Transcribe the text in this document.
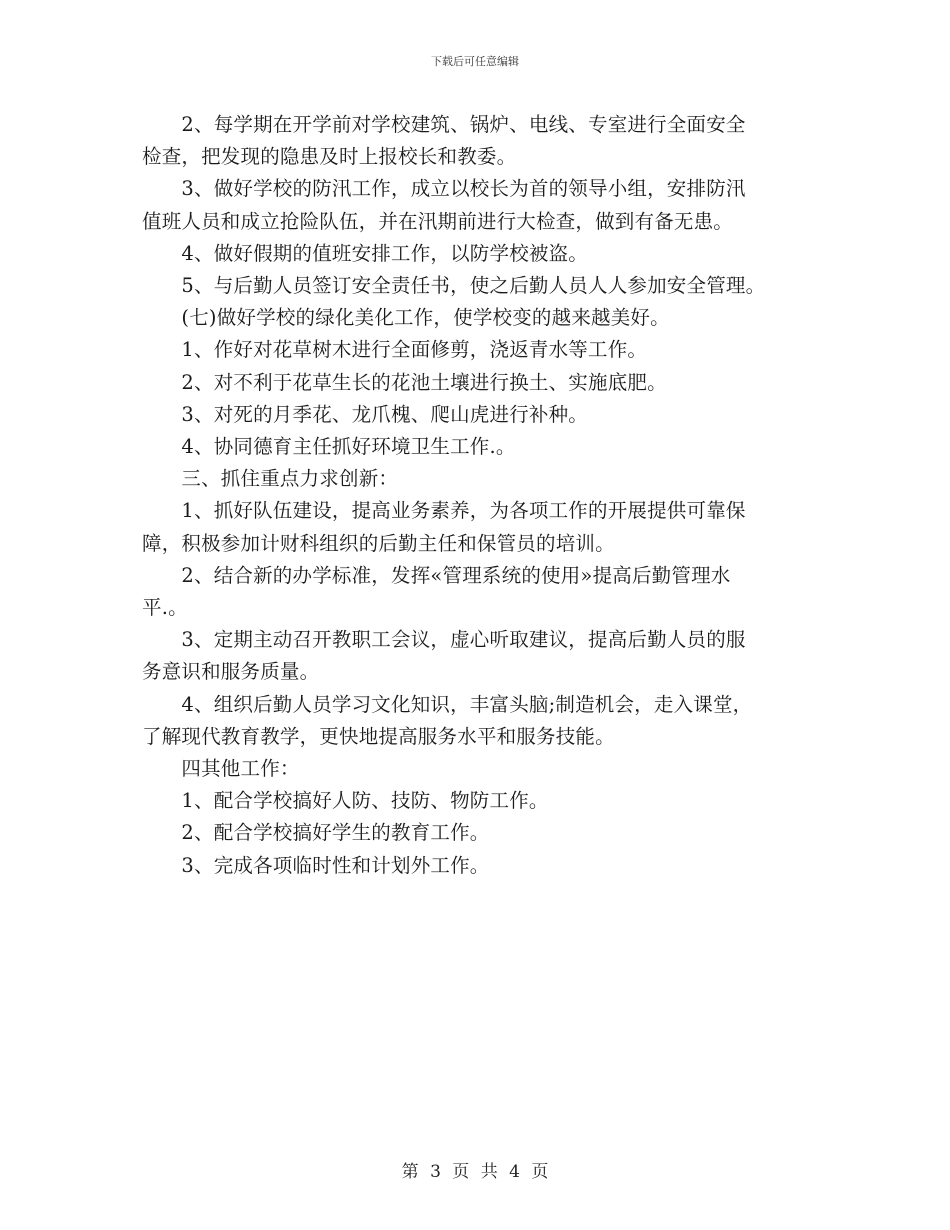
下载后可任意编辑

　　2、每学期在开学前对学校建筑、锅炉、电线、专室进行全面安全

检查，把发现的隐患及时上报校长和教委。

　　3、做好学校的防汛工作，成立以校长为首的领导小组，安排防汛

值班人员和成立抢险队伍，并在汛期前进行大检查，做到有备无患。

　　4、做好假期的值班安排工作，以防学校被盗。

　　5、与后勤人员签订安全责任书，使之后勤人员人人参加安全管理。

　　(七)做好学校的绿化美化工作，使学校变的越来越美好。

　　1、作好对花草树木进行全面修剪，浇返青水等工作。

　　2、对不利于花草生长的花池土壤进行换土、实施底肥。

　　3、对死的月季花、龙爪槐、爬山虎进行补种。

　　4、协同德育主任抓好环境卫生工作.。

　　三、抓住重点力求创新：

　　1、抓好队伍建设，提高业务素养，为各项工作的开展提供可靠保

障，积极参加计财科组织的后勤主任和保管员的培训。

　　2、结合新的办学标准，发挥«管理系统的使用»提高后勤管理水

平.。

　　3、定期主动召开教职工会议，虚心听取建议，提高后勤人员的服

务意识和服务质量。

　　4、组织后勤人员学习文化知识，丰富头脑;制造机会，走入课堂，

了解现代教育教学，更快地提高服务水平和服务技能。

　　四其他工作：

　　1、配合学校搞好人防、技防、物防工作。

　　2、配合学校搞好学生的教育工作。

　　3、完成各项临时性和计划外工作。

第 3 页 共 4 页
